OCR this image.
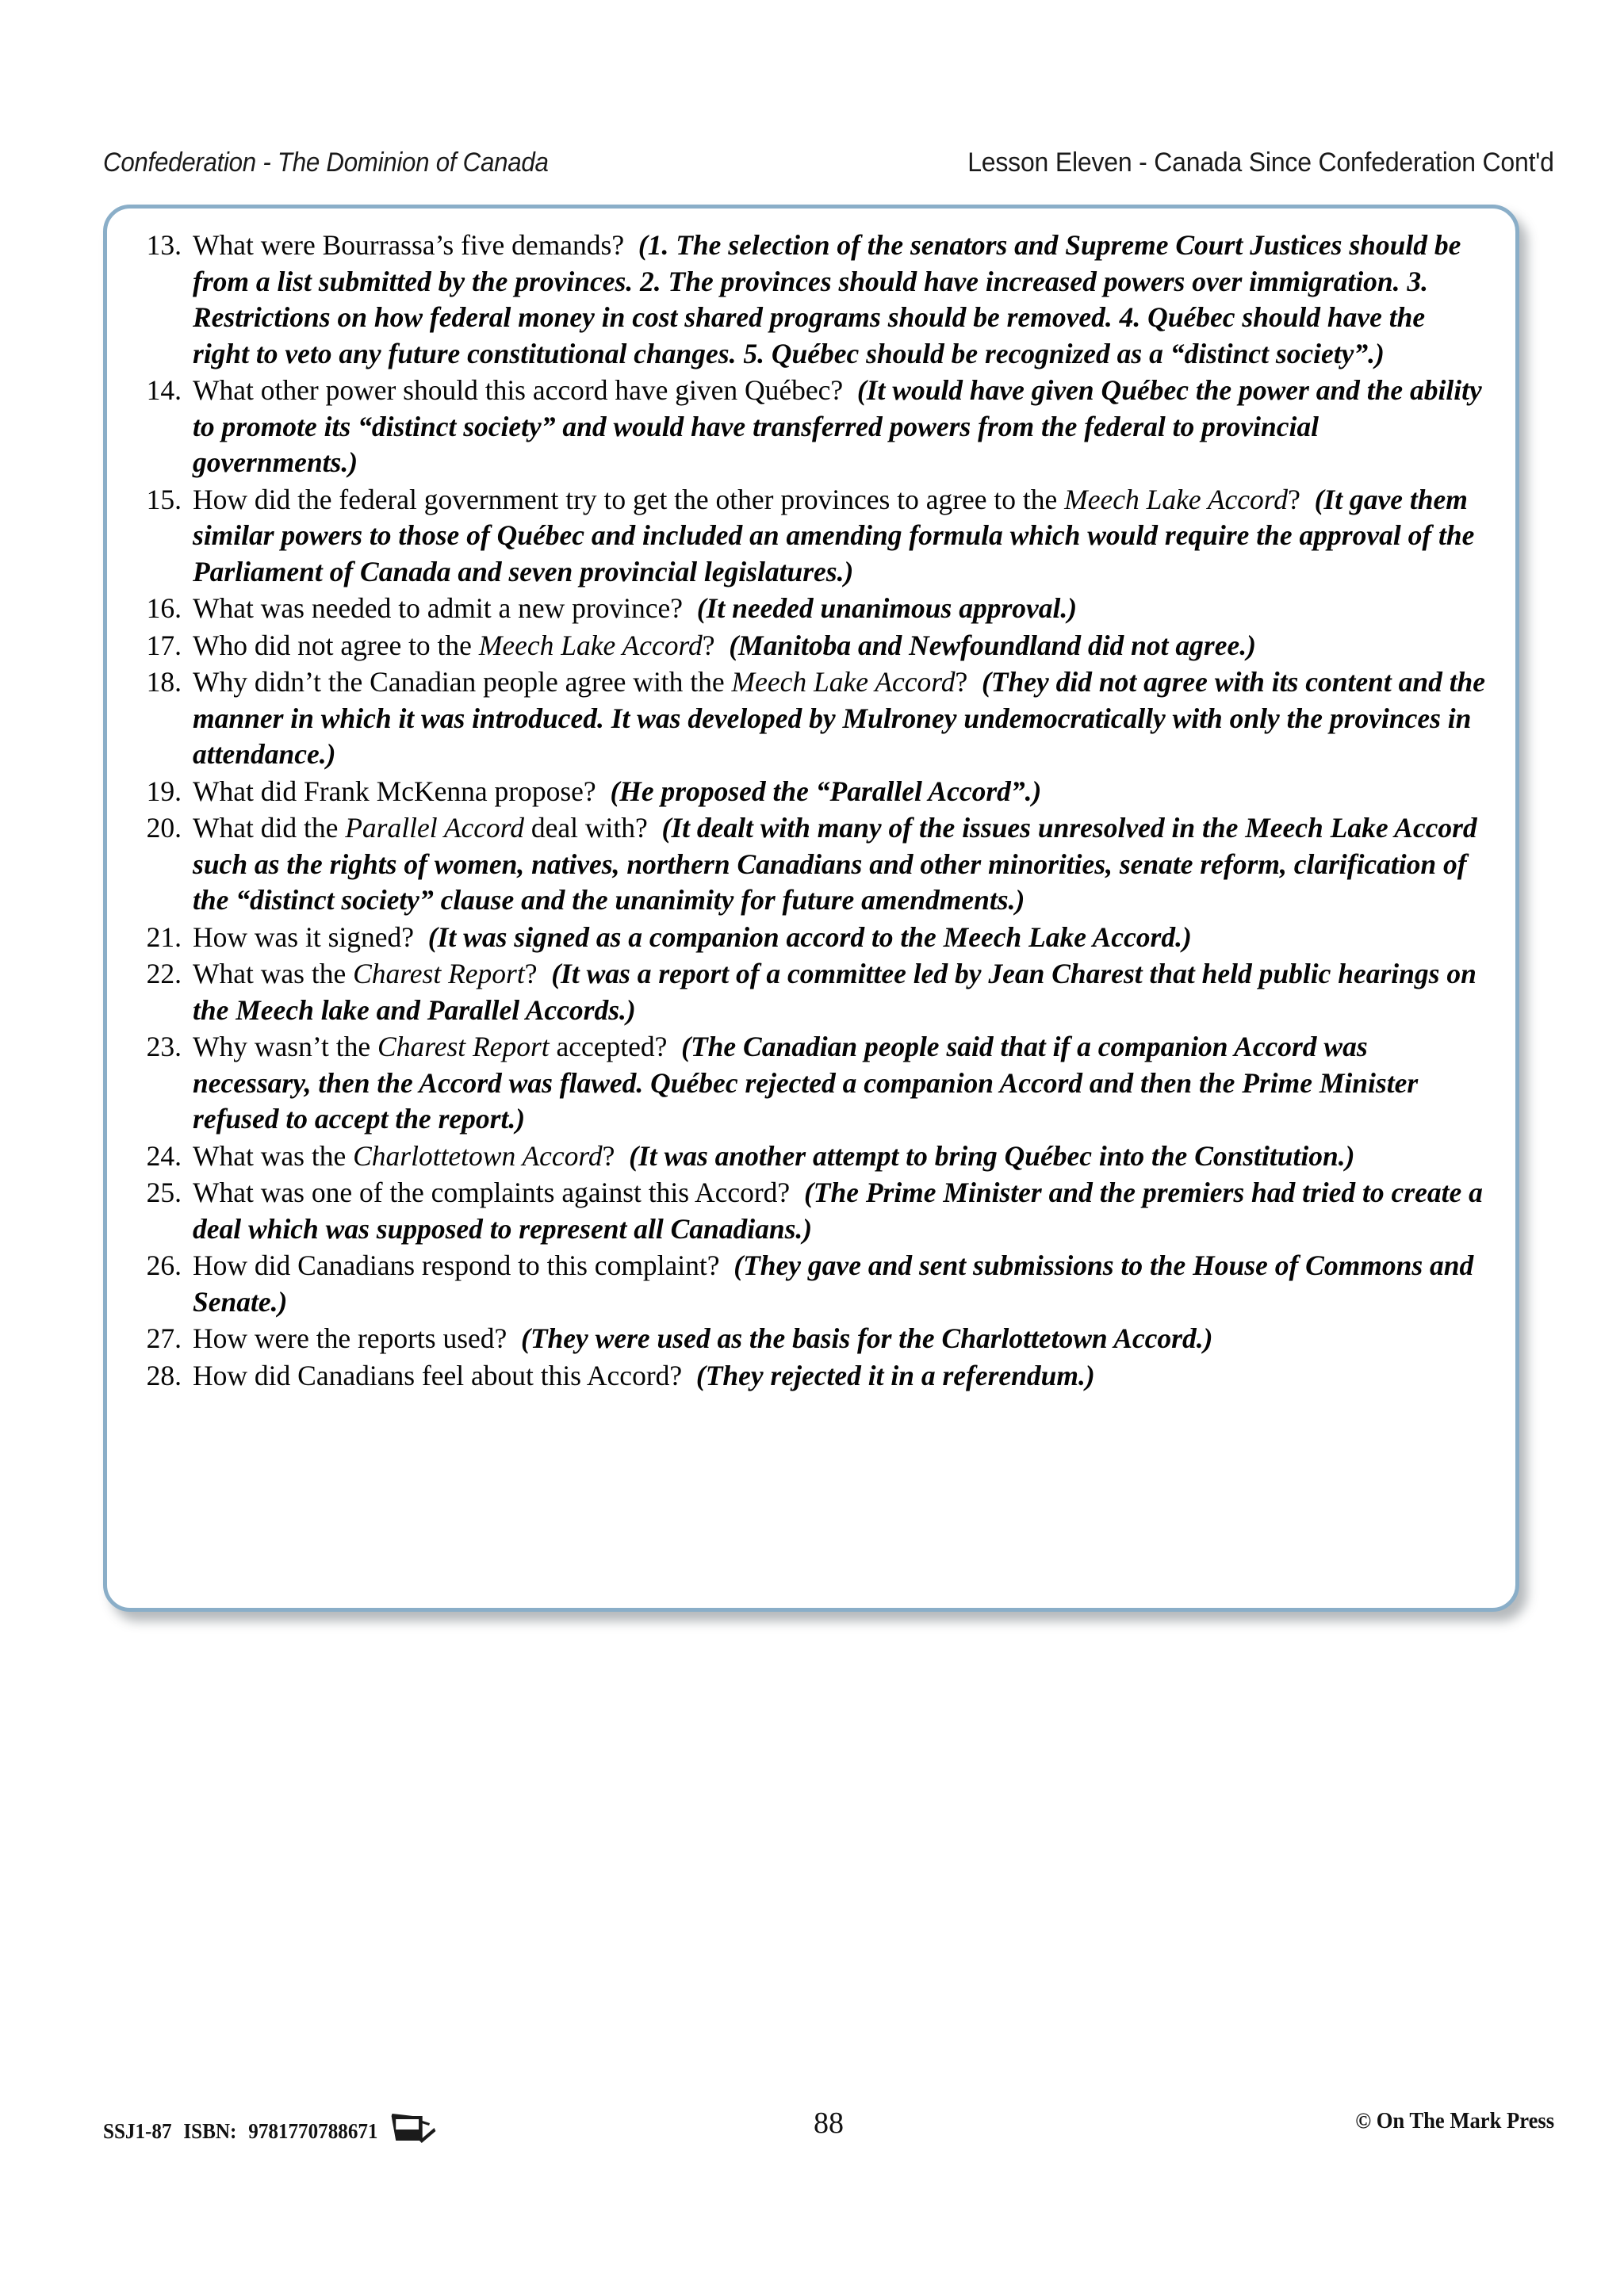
Confederation - The Dominion of Canada	Lesson Eleven - Canada Since Confederation Cont'd
13. What were Bourrassa’s five demands? (1. The selection of the senators and Supreme Court Justices should be from a list submitted by the provinces. 2. The provinces should have increased powers over immigration. 3. Restrictions on how federal money in cost shared programs should be removed. 4. Québec should have the right to veto any future constitutional changes. 5. Québec should be recognized as a “distinct society”.)
14. What other power should this accord have given Québec? (It would have given Québec the power and the ability to promote its “distinct society” and would have transferred powers from the federal to provincial governments.)
15. How did the federal government try to get the other provinces to agree to the Meech Lake Accord? (It gave them similar powers to those of Québec and included an amending formula which would require the approval of the Parliament of Canada and seven provincial legislatures.)
16. What was needed to admit a new province? (It needed unanimous approval.)
17. Who did not agree to the Meech Lake Accord? (Manitoba and Newfoundland did not agree.)
18. Why didn’t the Canadian people agree with the Meech Lake Accord? (They did not agree with its content and the manner in which it was introduced. It was developed by Mulroney undemocratically with only the provinces in attendance.)
19. What did Frank McKenna propose? (He proposed the “Parallel Accord”.)
20. What did the Parallel Accord deal with? (It dealt with many of the issues unresolved in the Meech Lake Accord such as the rights of women, natives, northern Canadians and other minorities, senate reform, clarification of the “distinct society” clause and the unanimity for future amendments.)
21. How was it signed? (It was signed as a companion accord to the Meech Lake Accord.)
22. What was the Charest Report? (It was a report of a committee led by Jean Charest that held public hearings on the Meech lake and Parallel Accords.)
23. Why wasn’t the Charest Report accepted? (The Canadian people said that if a companion Accord was necessary, then the Accord was flawed. Québec rejected a companion Accord and then the Prime Minister refused to accept the report.)
24. What was the Charlottetown Accord? (It was another attempt to bring Québec into the Constitution.)
25. What was one of the complaints against this Accord? (The Prime Minister and the premiers had tried to create a deal which was supposed to represent all Canadians.)
26. How did Canadians respond to this complaint? (They gave and sent submissions to the House of Commons and Senate.)
27. How were the reports used? (They were used as the basis for the Charlottetown Accord.)
28. How did Canadians feel about this Accord? (They rejected it in a referendum.)
SSJ1-87 ISBN: 9781770788671	88	© On The Mark Press
